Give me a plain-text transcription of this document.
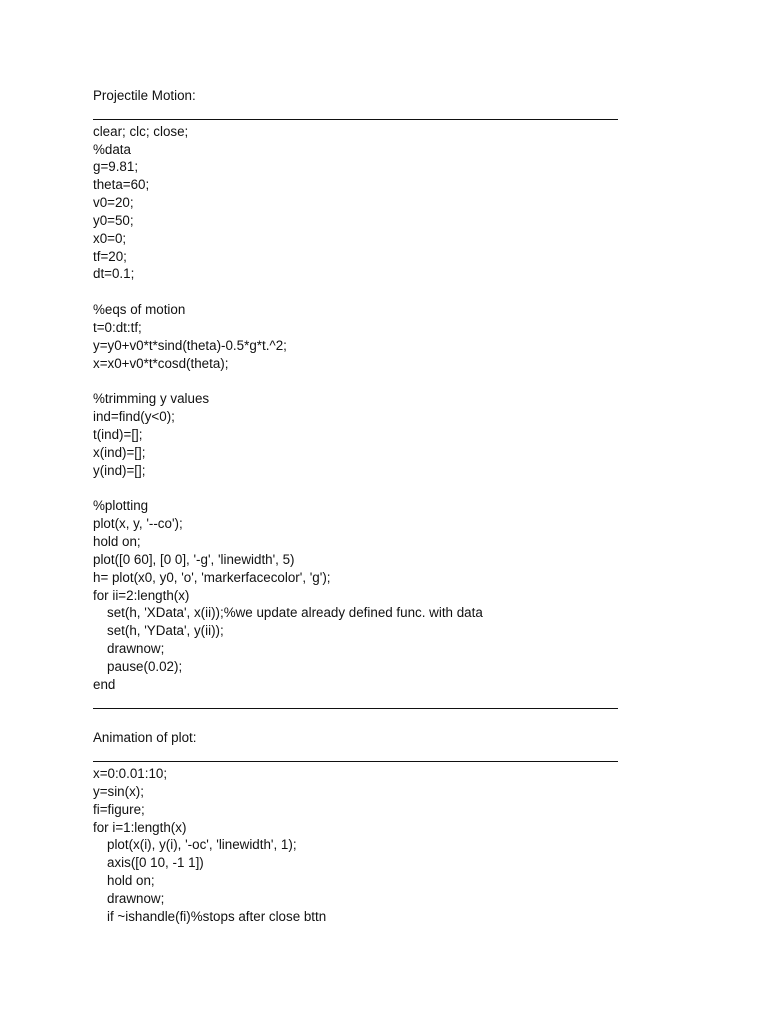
Projectile Motion:
clear; clc; close;
%data
g=9.81;
theta=60;
v0=20;
y0=50;
x0=0;
tf=20;
dt=0.1;
%eqs of motion
t=0:dt:tf;
y=y0+v0*t*sind(theta)-0.5*g*t.^2;
x=x0+v0*t*cosd(theta);
%trimming y values
ind=find(y<0);
t(ind)=[];
x(ind)=[];
y(ind)=[];
%plotting
plot(x, y, '--co');
hold on;
plot([0 60], [0 0], '-g', 'linewidth', 5)
h= plot(x0, y0, 'o', 'markerfacecolor', 'g');
for ii=2:length(x)
set(h, 'XData', x(ii));%we update already defined func. with data
set(h, 'YData', y(ii));
drawnow;
pause(0.02);
end
Animation of plot:
x=0:0.01:10;
y=sin(x);
fi=figure;
for i=1:length(x)
plot(x(i), y(i), '-oc', 'linewidth', 1);
axis([0 10, -1 1])
hold on;
drawnow;
if ~ishandle(fi)%stops after close bttn
